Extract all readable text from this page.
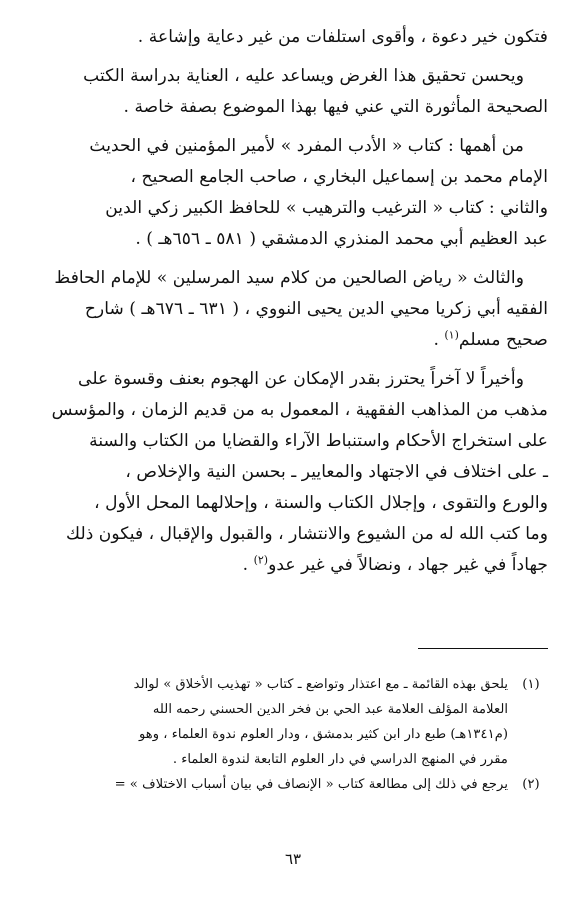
فتكون خير دعوة ، وأقوى استلفات من غير دعاية وإشاعة .

ويحسن تحقيق هذا الغرض ويساعد عليه ، العناية بدراسة الكتب
الصحيحة المأثورة التي عني فيها بهذا الموضوع بصفة خاصة .

من أهمها : كتاب « الأدب المفرد » لأمير المؤمنين في الحديث
الإمام محمد بن إسماعيل البخاري ، صاحب الجامع الصحيح ،
والثاني : كتاب « الترغيب والترهيب » للحافظ الكبير زكي الدين
عبد العظيم أبي محمد المنذري الدمشقي ( ٥٨١ ـ ٦٥٦هـ ) .

والثالث « رياض الصالحين من كلام سيد المرسلين » للإمام الحافظ
الفقيه أبي زكريا محيي الدين يحيى النووي ، ( ٦٣١ ـ ٦٧٦هـ ) شارح
صحيح مسلم$^{(١)}$ .

وأخيراً لا آخراً يحترز بقدر الإمكان عن الهجوم بعنف وقسوة على
مذهب من المذاهب الفقهية ، المعمول به من قديم الزمان ، والمؤسس
على استخراج الأحكام واستنباط الآراء والقضايا من الكتاب والسنة
ـ على اختلاف في الاجتهاد والمعايير ـ بحسن النية والإخلاص ،
والورع والتقوى ، وإجلال الكتاب والسنة ، وإحلالهما المحل الأول ،
وما كتب الله له من الشيوع والانتشار ، والقبول والإقبال ، فيكون ذلك
جهاداً في غير جهاد ، ونضالاً في غير عدو$^{(٢)}$ .

(١)
يلحق بهذه القائمة ـ مع اعتذار وتواضع ـ كتاب « تهذيب الأخلاق » لوالد
العلامة المؤلف العلامة عبد الحي بن فخر الدين الحسني رحمه الله
(م١٣٤١هـ) طبع دار ابن كثير بدمشق ، ودار العلوم ندوة العلماء ، وهو
مقرر في المنهج الدراسي في دار العلوم التابعة لندوة العلماء .
(٢)
يرجع في ذلك إلى مطالعة كتاب « الإنصاف في بيان أسباب الاختلاف » =
٦٣
